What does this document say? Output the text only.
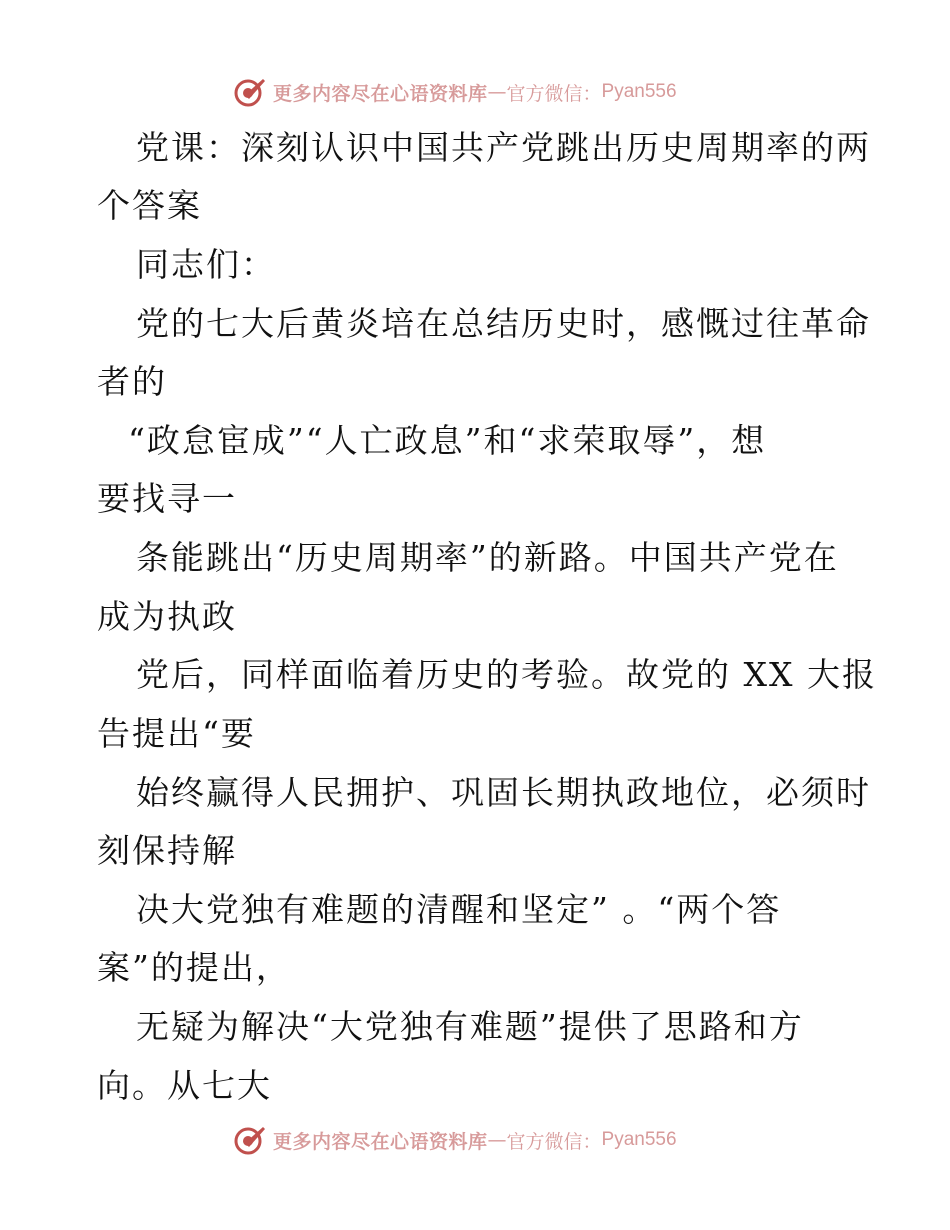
更多内容尽在心语资料库 — 官方微信： Pyan556
党课：深刻认识中国共产党跳出历史周期率的两
个答案
同志们：
党的七大后黄炎培在总结历史时，感慨过往革命
者的
“政怠宦成”“人亡政息”和“求荣取辱”，想
要找寻一
条能跳出“历史周期率”的新路。中国共产党在
成为执政
党后，同样面临着历史的考验。故党的 XX 大报
告提出“要
始终赢得人民拥护、巩固长期执政地位，必须时
刻保持解
决大党独有难题的清醒和坚定” 。“两个答
案”的提出，
无疑为解决“大党独有难题”提供了思路和方
向。从七大
更多内容尽在心语资料库 — 官方微信： Pyan556
